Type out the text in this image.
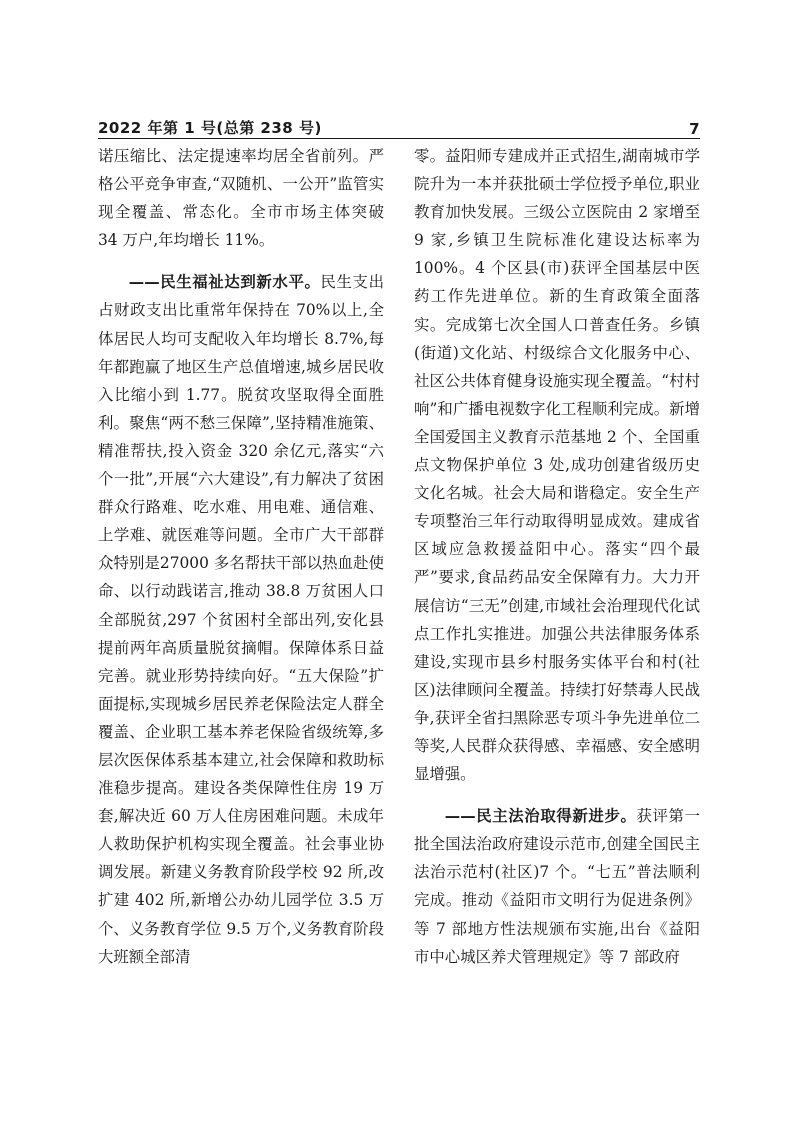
2022 年第 1 号(总第 238 号)	7

诺压缩比、法定提速率均居全省前列。严格公平竞争审查,“双随机、一公开”监管实现全覆盖、常态化。全市市场主体突破 34 万户,年均增长 11%。

——民生福祉达到新水平。民生支出占财政支出比重常年保持在 70%以上,全体居民人均可支配收入年均增长 8.7%,每年都跑赢了地区生产总值增速,城乡居民收入比缩小到 1.77。脱贫攻坚取得全面胜利。聚焦“两不愁三保障”,坚持精准施策、精准帮扶,投入资金 320 余亿元,落实“六个一批”,开展“六大建设”,有力解决了贫困群众行路难、吃水难、用电难、通信难、上学难、就医难等问题。全市广大干部群众特别是27000 多名帮扶干部以热血赴使命、以行动践诺言,推动 38.8 万贫困人口全部脱贫,297 个贫困村全部出列,安化县提前两年高质量脱贫摘帽。保障体系日益完善。就业形势持续向好。“五大保险”扩面提标,实现城乡居民养老保险法定人群全覆盖、企业职工基本养老保险省级统筹,多层次医保体系基本建立,社会保障和救助标准稳步提高。建设各类保障性住房 19 万套,解决近 60 万人住房困难问题。未成年人救助保护机构实现全覆盖。社会事业协调发展。新建义务教育阶段学校 92 所,改扩建 402 所,新增公办幼儿园学位 3.5 万个、义务教育学位 9.5 万个,义务教育阶段大班额全部清

零。益阳师专建成并正式招生,湖南城市学院升为一本并获批硕士学位授予单位,职业教育加快发展。三级公立医院由 2 家增至 9 家,乡镇卫生院标准化建设达标率为 100%。4 个区县(市)获评全国基层中医药工作先进单位。新的生育政策全面落实。完成第七次全国人口普查任务。乡镇(街道)文化站、村级综合文化服务中心、社区公共体育健身设施实现全覆盖。“村村响”和广播电视数字化工程顺利完成。新增全国爱国主义教育示范基地 2 个、全国重点文物保护单位 3 处,成功创建省级历史文化名城。社会大局和谐稳定。安全生产专项整治三年行动取得明显成效。建成省区域应急救援益阳中心。落实“四个最严”要求,食品药品安全保障有力。大力开展信访“三无”创建,市域社会治理现代化试点工作扎实推进。加强公共法律服务体系建设,实现市县乡村服务实体平台和村(社区)法律顾问全覆盖。持续打好禁毒人民战争,获评全省扫黑除恶专项斗争先进单位二等奖,人民群众获得感、幸福感、安全感明显增强。

——民主法治取得新进步。获评第一批全国法治政府建设示范市,创建全国民主法治示范村(社区)7 个。“七五”普法顺利完成。推动《益阳市文明行为促进条例》等 7 部地方性法规颁布实施,出台《益阳市中心城区养犬管理规定》等 7 部政府
